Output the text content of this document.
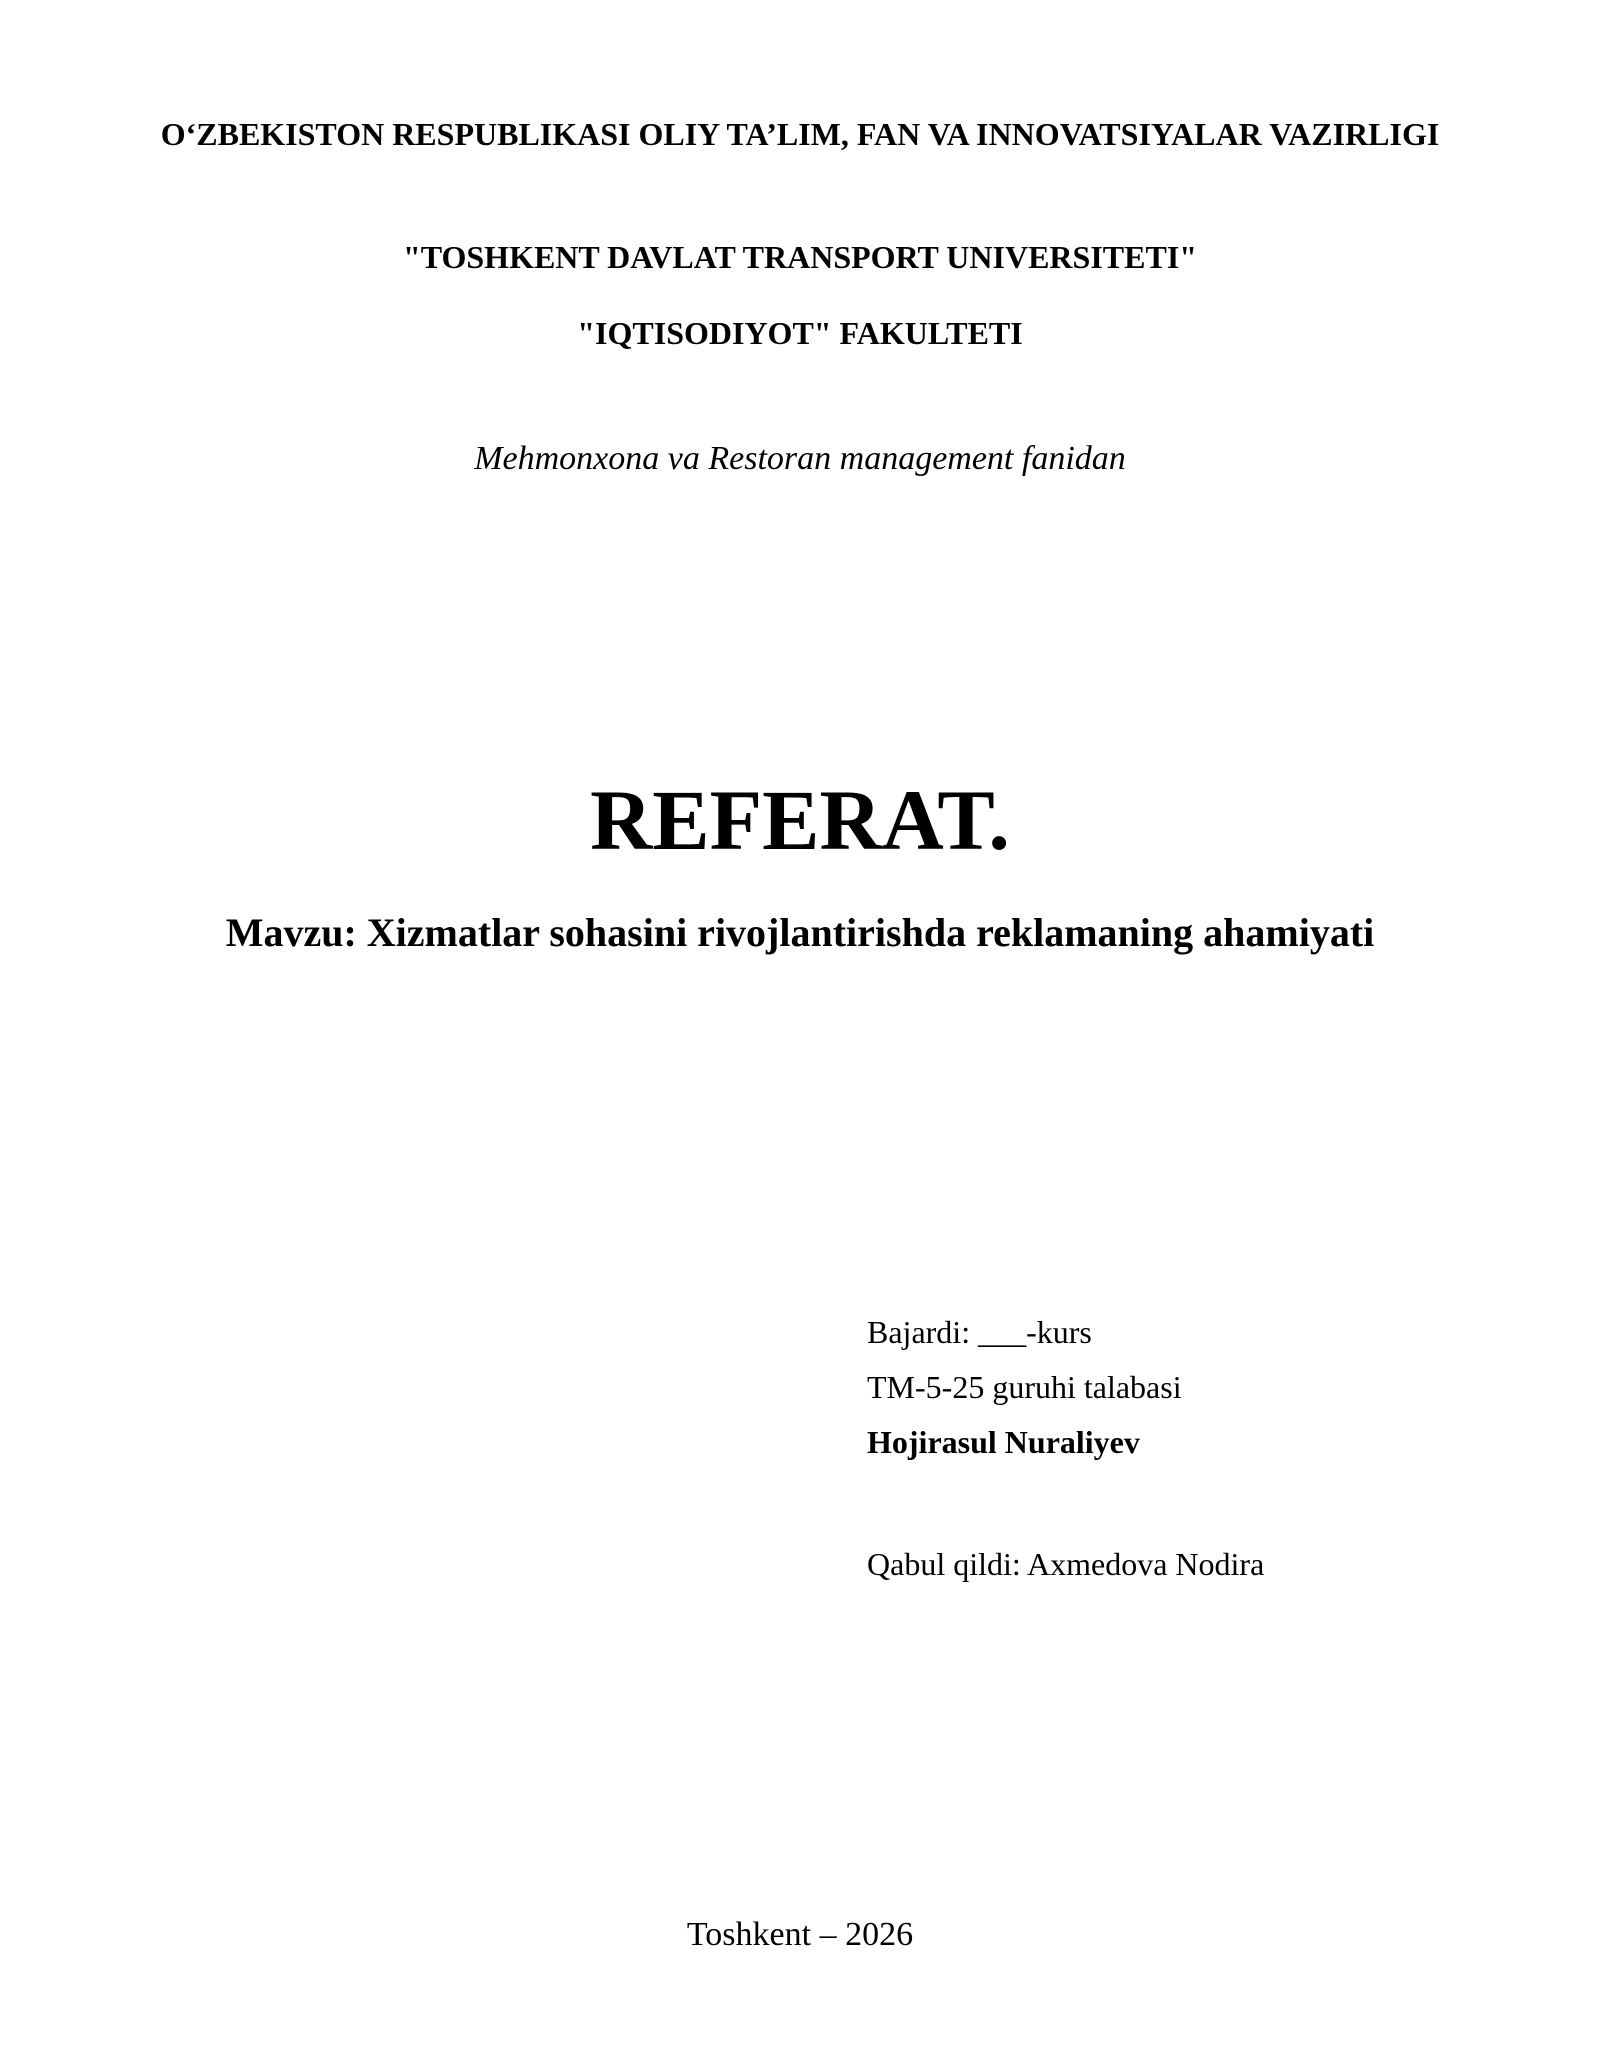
O‘ZBEKISTON RESPUBLIKASI OLIY TA’LIM, FAN VA INNOVATSIYALAR VAZIRLIGI

"TOSHKENT DAVLAT TRANSPORT UNIVERSITETI"

"IQTISODIYOT" FAKULTETI

Mehmonxona va Restoran management fanidan

REFERAT.
Mavzu: Xizmatlar sohasini rivojlantirishda reklamaning ahamiyati

Bajardi: ___-kurs

TM-5-25 guruhi talabasi

Hojirasul Nuraliyev

Qabul qildi: Axmedova Nodira

Toshkent – 2026
